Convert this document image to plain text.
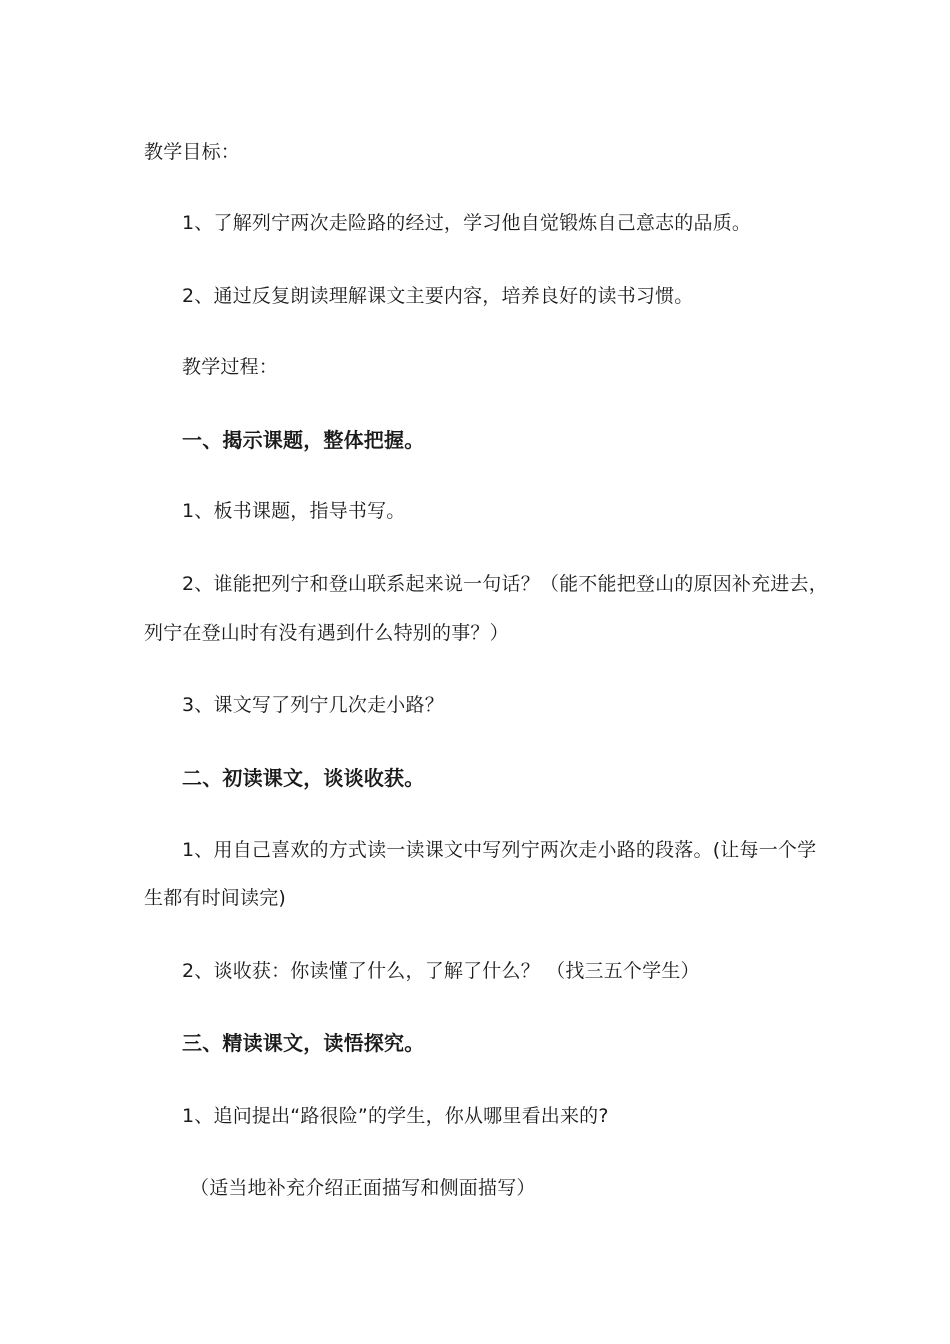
教学目标：
1、了解列宁两次走险路的经过，学习他自觉锻炼自己意志的品质。
2、通过反复朗读理解课文主要内容，培养良好的读书习惯。
教学过程：
一、揭示课题，整体把握。
1、板书课题，指导书写。
2、谁能把列宁和登山联系起来说一句话？（能不能把登山的原因补充进去，
列宁在登山时有没有遇到什么特别的事？）
3、课文写了列宁几次走小路？
二、初读课文，谈谈收获。
1、用自己喜欢的方式读一读课文中写列宁两次走小路的段落。(让每一个学
生都有时间读完)
2、谈收获：你读懂了什么，了解了什么？ （找三五个学生）
三、精读课文，读悟探究。
1、追问提出“路很险”的学生，你从哪里看出来的?
（适当地补充介绍正面描写和侧面描写）
